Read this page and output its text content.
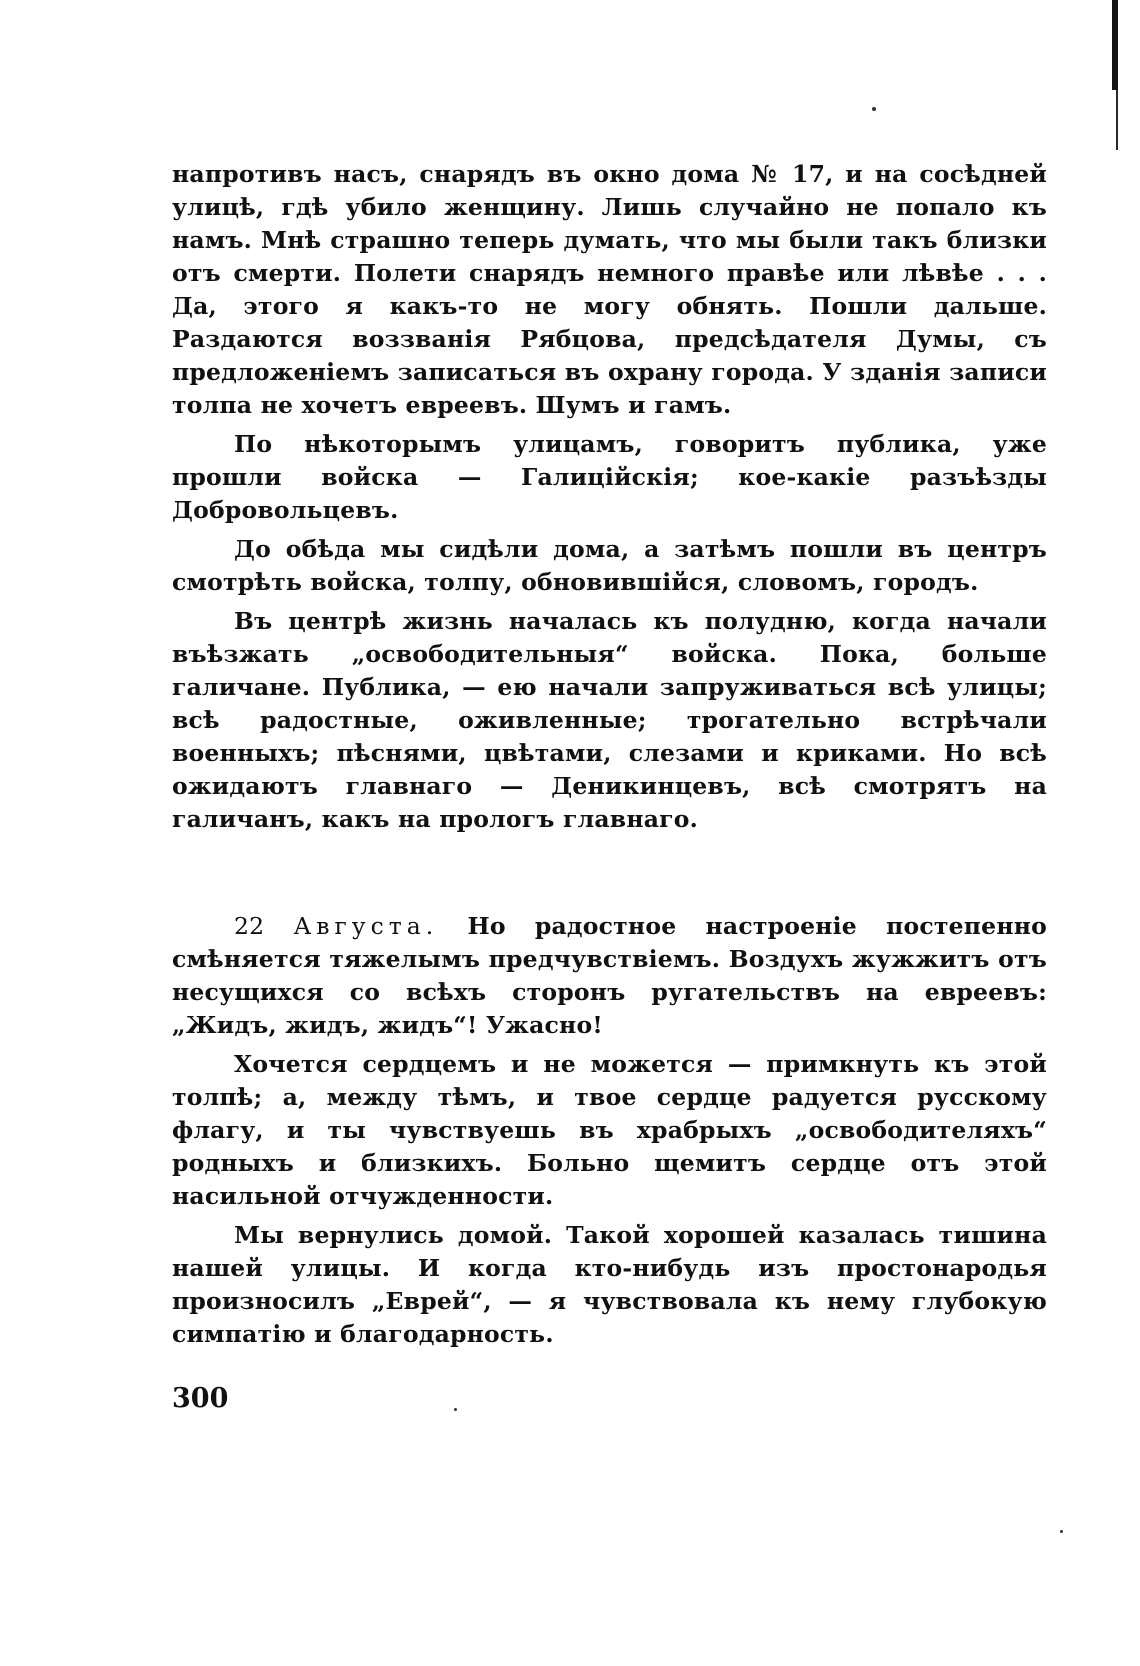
напротивъ насъ, снарядъ въ окно дома № 17, и на сосѣдней улицѣ, гдѣ убило женщину. Лишь случайно не попало къ намъ. Мнѣ страшно теперь думать, что мы были такъ близки отъ смерти. Полети снарядъ немного правѣе или лѣвѣе . . . Да, этого я какъ-то не могу обнять. Пошли дальше. Раздаются воззванія Рябцова, предсѣдателя Думы, съ предложеніемъ записаться въ охрану города. У зданія записи толпа не хочетъ евреевъ. Шумъ и гамъ.

По нѣкоторымъ улицамъ, говоритъ публика, уже прошли войска — Галиційскія; кое-какіе разъѣзды Добровольцевъ.

До обѣда мы сидѣли дома, а затѣмъ пошли въ центръ смотрѣть войска, толпу, обновившійся, словомъ, городъ.

Въ центрѣ жизнь началась къ полудню, когда начали въѣзжать „освободительныя“ войска. Пока, больше галичане. Публика, — ею начали запруживаться всѣ улицы; всѣ радостные, оживленные; трогательно встрѣчали военныхъ; пѣснями, цвѣтами, слезами и криками. Но всѣ ожидаютъ главнаго — Деникинцевъ, всѣ смотрятъ на галичанъ, какъ на прологъ главнаго.

22 Августа. Но радостное настроеніе постепенно смѣняется тяжелымъ предчувствіемъ. Воздухъ жужжитъ отъ несущихся со всѣхъ сторонъ ругательствъ на евреевъ: „Жидъ, жидъ, жидъ“! Ужасно!

Хочется сердцемъ и не можется — примкнуть къ этой толпѣ; а, между тѣмъ, и твое сердце радуется русскому флагу, и ты чувствуешь въ храбрыхъ „освободителяхъ“ родныхъ и близкихъ. Больно щемитъ сердце отъ этой насильной отчужденности.

Мы вернулись домой. Такой хорошей казалась тишина нашей улицы. И когда кто-нибудь изъ простонародья произносилъ „Еврей“, — я чувствовала къ нему глубокую симпатію и благодарность.

300
